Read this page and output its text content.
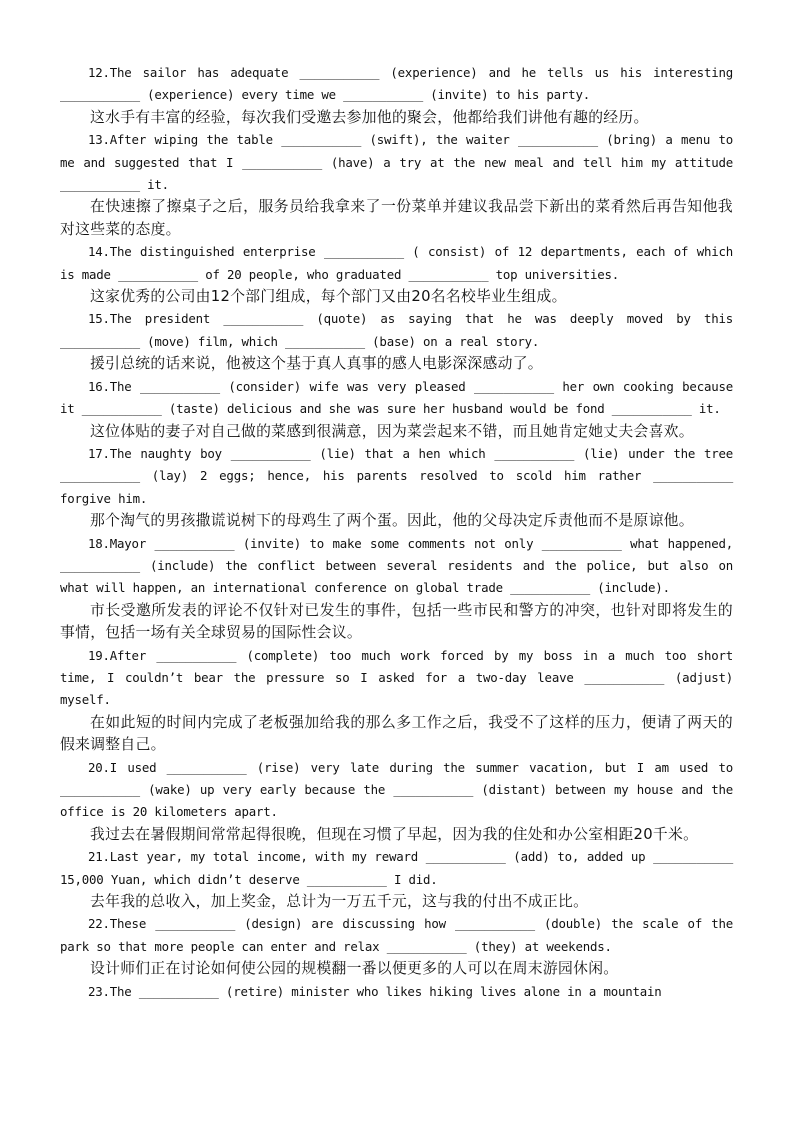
12.The sailor has adequate ___________ (experience) and he tells us his interesting ___________ (experience) every time we ___________ (invite) to his party.

这水手有丰富的经验，每次我们受邀去参加他的聚会，他都给我们讲他有趣的经历。

13.After wiping the table ___________ (swift), the waiter ___________ (bring) a menu to me and suggested that I ___________ (have) a try at the new meal and tell him my attitude ___________ it.

在快速擦了擦桌子之后，服务员给我拿来了一份菜单并建议我品尝下新出的菜肴然后再告知他我对这些菜的态度。

14.The distinguished enterprise ___________ ( consist) of 12 departments, each of which is made ___________ of 20 people, who graduated ___________ top universities.

这家优秀的公司由12个部门组成，每个部门又由20名名校毕业生组成。

15.The president ___________ (quote) as saying that he was deeply moved by this ___________ (move) film, which ___________ (base) on a real story.

援引总统的话来说，他被这个基于真人真事的感人电影深深感动了。

16.The ___________ (consider) wife was very pleased ___________ her own cooking because it ___________ (taste) delicious and she was sure her husband would be fond ___________ it.

这位体贴的妻子对自己做的菜感到很满意，因为菜尝起来不错，而且她肯定她丈夫会喜欢。

17.The naughty boy ___________ (lie) that a hen which ___________ (lie) under the tree ___________ (lay) 2 eggs; hence, his parents resolved to scold him rather ___________ forgive him.

那个淘气的男孩撒谎说树下的母鸡生了两个蛋。因此，他的父母决定斥责他而不是原谅他。

18.Mayor ___________ (invite) to make some comments not only ___________ what happened, ___________ (include) the conflict between several residents and the police, but also on what will happen, an international conference on global trade ___________ (include).

市长受邀所发表的评论不仅针对已发生的事件，包括一些市民和警方的冲突，也针对即将发生的事情，包括一场有关全球贸易的国际性会议。

19.After ___________ (complete) too much work forced by my boss in a much too short time, I couldn’t bear the pressure so I asked for a two-day leave ___________ (adjust) myself.

在如此短的时间内完成了老板强加给我的那么多工作之后，我受不了这样的压力，便请了两天的假来调整自己。

20.I used ___________ (rise) very late during the summer vacation, but I am used to ___________ (wake) up very early because the ___________ (distant) between my house and the office is 20 kilometers apart.

我过去在暑假期间常常起得很晚，但现在习惯了早起，因为我的住处和办公室相距20千米。

21.Last year, my total income, with my reward ___________ (add) to, added up ___________ 15,000 Yuan, which didn’t deserve ___________ I did.

去年我的总收入，加上奖金，总计为一万五千元，这与我的付出不成正比。

22.These ___________ (design) are discussing how ___________ (double) the scale of the park so that more people can enter and relax ___________ (they) at weekends.

设计师们正在讨论如何使公园的规模翻一番以便更多的人可以在周末游园休闲。

23.The ___________ (retire) minister who likes hiking lives alone in a mountain
